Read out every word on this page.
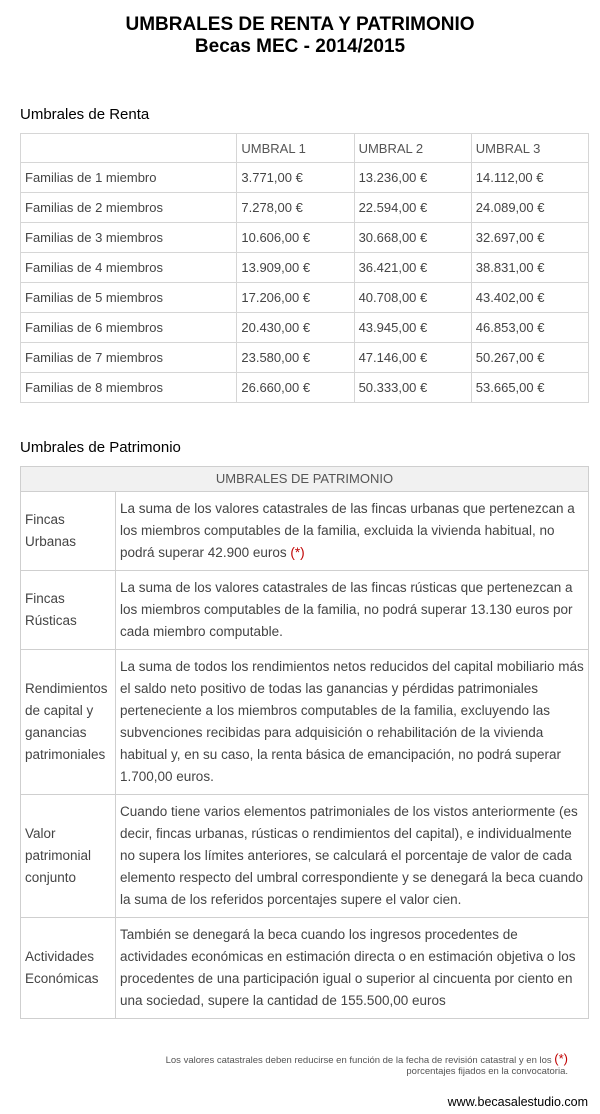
UMBRALES DE RENTA Y PATRIMONIO
Becas MEC - 2014/2015
Umbrales de Renta
	UMBRAL 1	UMBRAL 2	UMBRAL 3
Familias de 1 miembro	3.771,00 €	13.236,00 €	14.112,00 €
Familias de 2 miembros	7.278,00 €	22.594,00 €	24.089,00 €
Familias de 3 miembros	10.606,00 €	30.668,00 €	32.697,00 €
Familias de 4 miembros	13.909,00 €	36.421,00 €	38.831,00 €
Familias de 5 miembros	17.206,00 €	40.708,00 €	43.402,00 €
Familias de 6 miembros	20.430,00 €	43.945,00 €	46.853,00 €
Familias de 7 miembros	23.580,00 €	47.146,00 €	50.267,00 €
Familias de 8 miembros	26.660,00 €	50.333,00 €	53.665,00 €
Umbrales de Patrimonio
UMBRALES DE PATRIMONIO	
Fincas Urbanas	La suma de los valores catastrales de las fincas urbanas que pertenezcan a los miembros computables de la familia, excluida la vivienda habitual, no podrá superar 42.900 euros (*)
Fincas Rústicas	La suma de los valores catastrales de las fincas rústicas que pertenezcan a los miembros computables de la familia, no podrá superar 13.130 euros por cada miembro computable.
Rendimientos de capital y ganancias patrimoniales	La suma de todos los rendimientos netos reducidos del capital mobiliario más el saldo neto positivo de todas las ganancias y pérdidas patrimoniales perteneciente a los miembros computables de la familia, excluyendo las subvenciones recibidas para adquisición o rehabilitación de la vivienda habitual y, en su caso, la renta básica de emancipación, no podrá superar 1.700,00 euros.
Valor patrimonial conjunto	Cuando tiene varios elementos patrimoniales de los vistos anteriormente (es decir, fincas urbanas, rústicas o rendimientos del capital), e individualmente no supera los límites anteriores, se calculará el porcentaje de valor de cada elemento respecto del umbral correspondiente y se denegará la beca cuando la suma de los referidos porcentajes supere el valor cien.
Actividades Económicas	También se denegará la beca cuando los ingresos procedentes de actividades económicas en estimación directa o en estimación objetiva o los procedentes de una participación igual o superior al cincuenta por ciento en una sociedad, supere la cantidad de 155.500,00 euros
Los valores catastrales deben reducirse en función de la fecha de revisión catastral y en los (*)
porcentajes fijados en la convocatoria.
www.becasalestudio.com
